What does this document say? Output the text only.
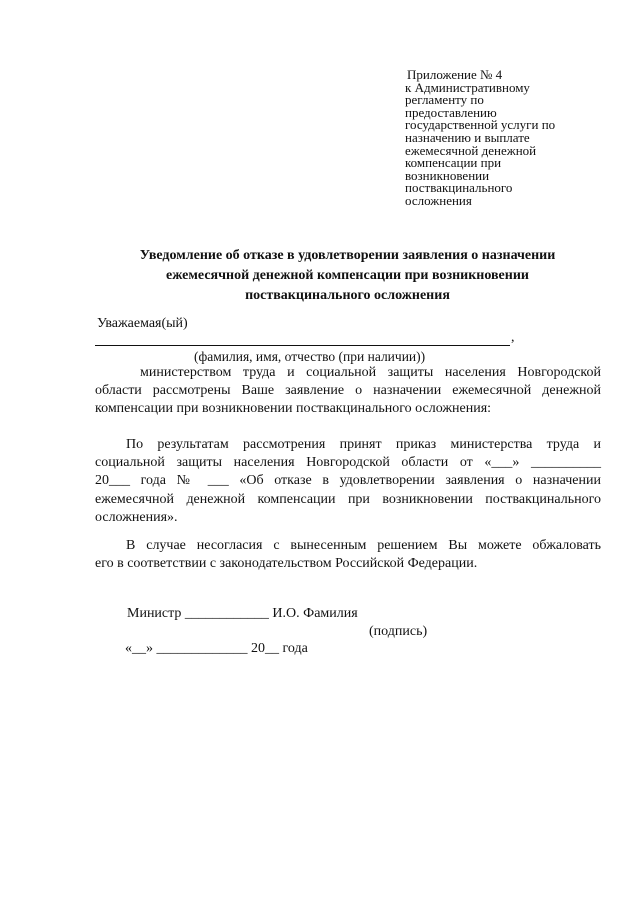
Приложение № 4
к Административному
регламенту по
предоставлению
государственной услуги по
назначению и выплате
ежемесячной денежной
компенсации при
возникновении
поствакцинального
осложнения
Уведомление об отказе в удовлетворении заявления о назначении
ежемесячной денежной компенсации при возникновении
поствакцинального осложнения
Уважаемая(ый)
,
(фамилия, имя, отчество (при наличии))
министерством труда и социальной защиты населения Новгородской
области рассмотрены Ваше заявление о назначении ежемесячной денежной
компенсации при возникновении поствакцинального осложнения:
По результатам рассмотрения принят приказ министерства труда и
социальной защиты населения Новгородской области от «___» __________
20___ года № ___ «Об отказе в удовлетворении заявления о назначении
ежемесячной денежной компенсации при возникновении поствакцинального
осложнения».
В случае несогласия с вынесенным решением Вы можете обжаловать
его в соответствии с законодательством Российской Федерации.
Министр ____________ И.О. Фамилия
(подпись)
«__» _____________ 20__ года
